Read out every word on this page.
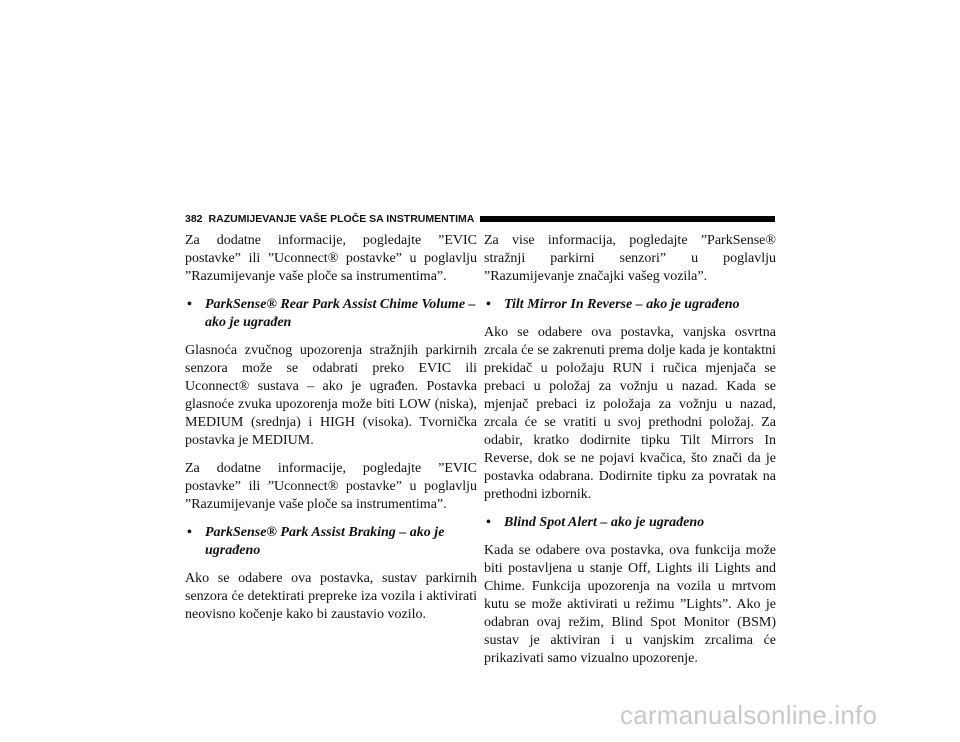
382 RAZUMIJEVANJE VAŠE PLOČE SA INSTRUMENTIMA

Za dodatne informacije, pogledajte ”EVIC postavke” ili ”Uconnect® postavke” u poglavlju ”Razumijevanje vaše ploče sa instrumentima”.

• ParkSense® Rear Park Assist Chime Volume – ako je ugrađen

Glasnoća zvučnog upozorenja stražnjih parkirnih senzora može se odabrati preko EVIC ili Uconnect® sustava – ako je ugrađen. Postavka glasnoće zvuka upozorenja može biti LOW (niska), MEDIUM (srednja) i HIGH (visoka). Tvornička postavka je MEDIUM.

Za dodatne informacije, pogledajte ”EVIC postavke” ili ”Uconnect® postavke” u poglavlju ”Razumijevanje vaše ploče sa instrumentima”.

• ParkSense® Park Assist Braking – ako je ugrađeno

Ako se odabere ova postavka, sustav parkirnih senzora će detektirati prepreke iza vozila i aktivirati neovisno kočenje kako bi zaustavio vozilo.

Za vise informacija, pogledajte ”ParkSense® stražnji parkirni senzori” u poglavlju ”Razumijevanje značajki vašeg vozila”.

• Tilt Mirror In Reverse – ako je ugrađeno

Ako se odabere ova postavka, vanjska osvrtna zrcala će se zakrenuti prema dolje kada je kontaktni prekidač u položaju RUN i ručica mjenjača se prebaci u položaj za vožnju u nazad. Kada se mjenjač prebaci iz položaja za vožnju u nazad, zrcala će se vratiti u svoj prethodni položaj. Za odabir, kratko dodirnite tipku Tilt Mirrors In Reverse, dok se ne pojavi kvačica, što znači da je postavka odabrana. Dodirnite tipku za povratak na prethodni izbornik.

• Blind Spot Alert – ako je ugrađeno

Kada se odabere ova postavka, ova funkcija može biti postavljena u stanje Off, Lights ili Lights and Chime. Funkcija upozorenja na vozila u mrtvom kutu se može aktivirati u režimu ”Lights”. Ako je odabran ovaj režim, Blind Spot Monitor (BSM) sustav je aktiviran i u vanjskim zrcalima će prikazivati samo vizualno upozorenje.

carmanualsonline.info
